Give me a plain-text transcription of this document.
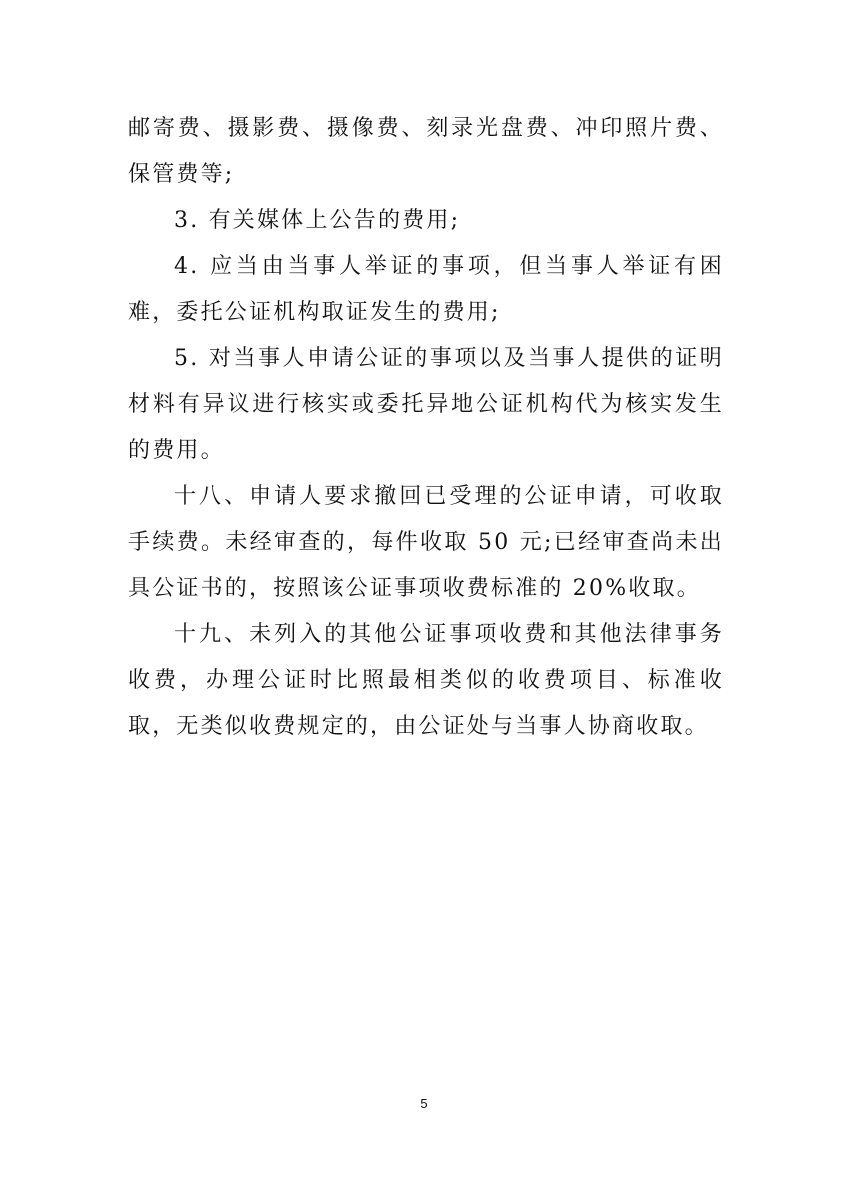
邮寄费、摄影费、摄像费、刻录光盘费、冲印照片费、保管费等;

3. 有关媒体上公告的费用;

4. 应当由当事人举证的事项，但当事人举证有困难，委托公证机构取证发生的费用;

5. 对当事人申请公证的事项以及当事人提供的证明材料有异议进行核实或委托异地公证机构代为核实发生的费用。

十八、申请人要求撤回已受理的公证申请，可收取手续费。未经审查的，每件收取 50 元;已经审查尚未出具公证书的，按照该公证事项收费标准的 20%收取。

十九、未列入的其他公证事项收费和其他法律事务收费，办理公证时比照最相类似的收费项目、标准收取，无类似收费规定的，由公证处与当事人协商收取。

5
